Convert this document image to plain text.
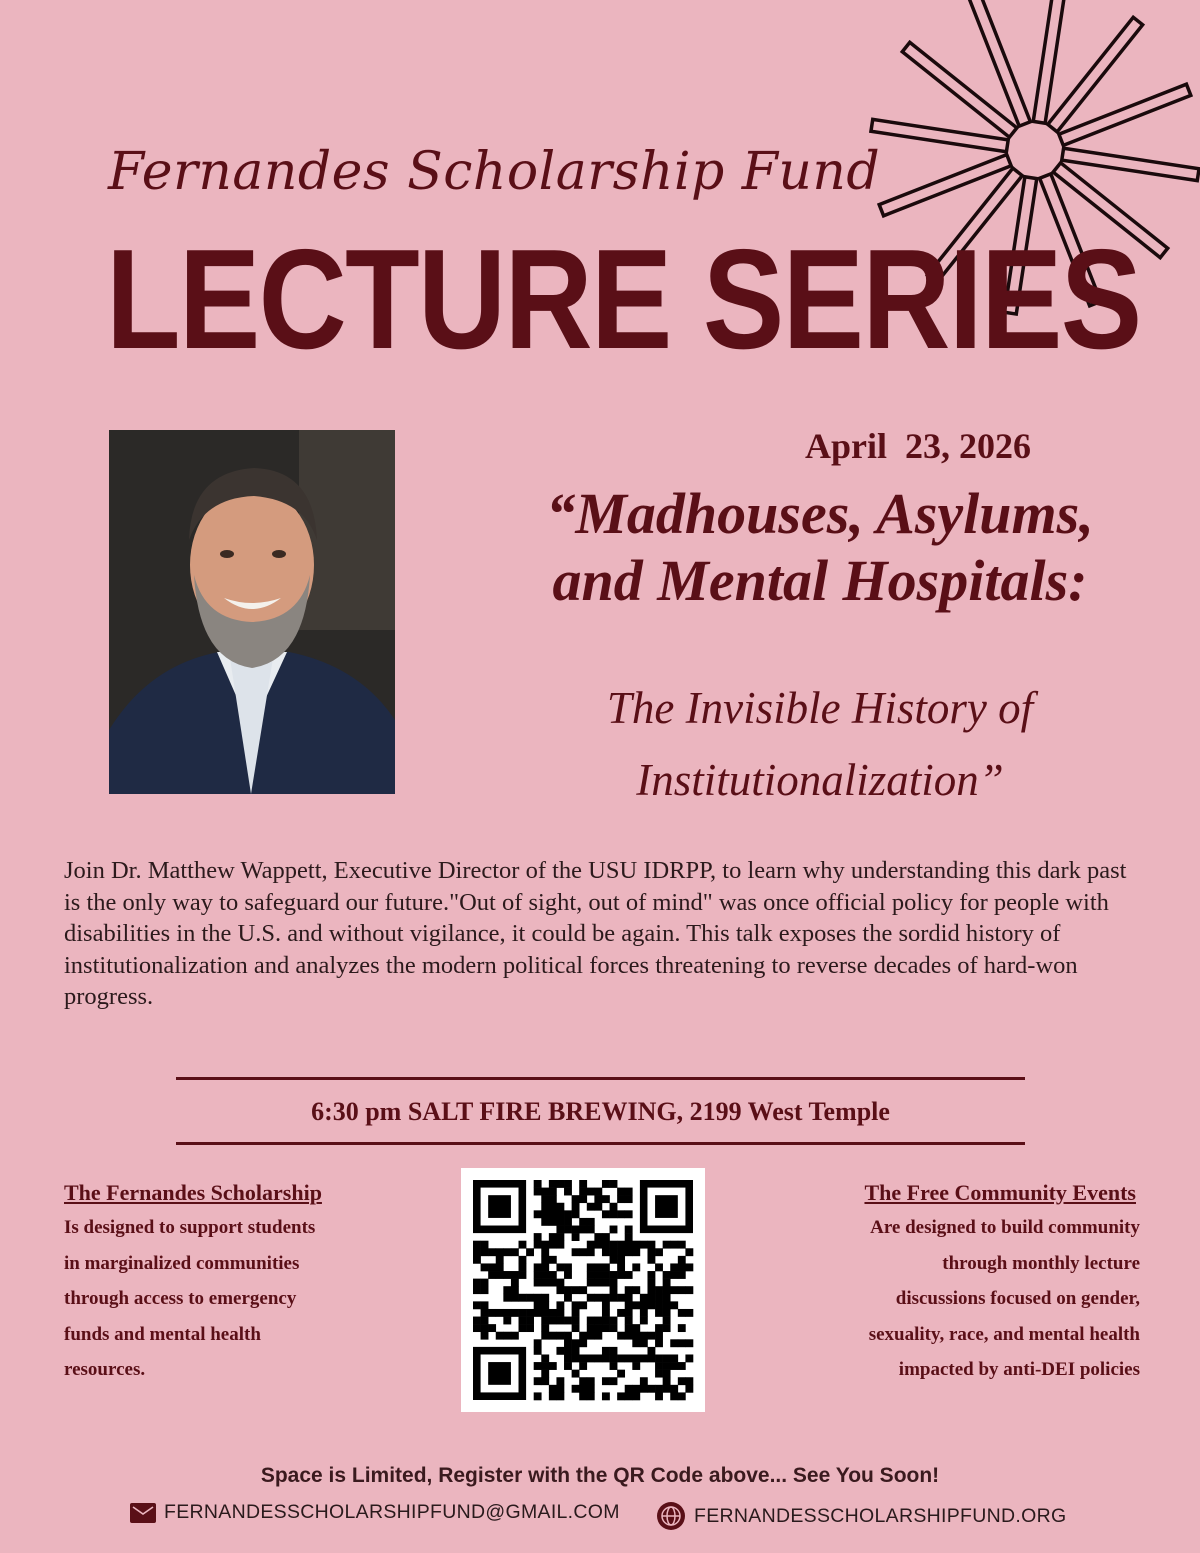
Fernandes Scholarship Fund
LECTURE SERIES
April  23, 2026
“Madhouses, Asylums,
and Mental Hospitals:
The Invisible History of
Institutionalization”
Join Dr. Matthew Wappett, Executive Director of the USU IDRPP, to learn why understanding this dark past is the only way to safeguard our future."Out of sight, out of mind" was once official policy for people with disabilities in the U.S. and without vigilance, it could be again. This talk exposes the sordid history of institutionalization and analyzes the modern political forces threatening to reverse decades of hard-won progress.
6:30 pm SALT FIRE BREWING, 2199 West Temple
The Fernandes Scholarship
Is designed to support students
in marginalized communities
through access to emergency
funds and mental health
resources.
The Free Community Events
Are designed to build community
through monthly lecture
discussions focused on gender,
sexuality, race, and mental health
impacted by anti-DEI policies
Space is Limited, Register with the QR Code above... See You Soon!
FERNANDESSCHOLARSHIPFUND@GMAIL.COM	FERNANDESSCHOLARSHIPFUND.ORG
